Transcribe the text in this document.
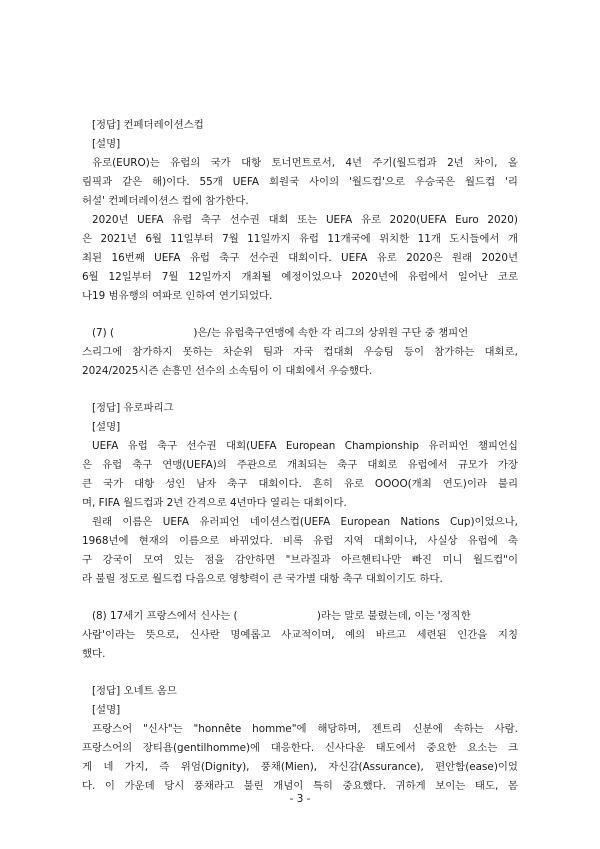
[정답] 컨페더레이션스컵
[설명]
유로(EURO)는 유럽의 국가 대항 토너먼트로서, 4년 주기(월드컵과 2년 차이, 올
림픽과 같은 해)이다. 55개 UEFA 회원국 사이의 '월드컵'으로 우승국은 월드컵 '리
허설' 컨페더레이션스 컵에 참가한다.
2020년 UEFA 유럽 축구 선수권 대회 또는 UEFA 유로 2020(UEFA Euro 2020)
은 2021년 6월 11일부터 7월 11일까지 유럽 11개국에 위치한 11개 도시들에서 개
최된 16번째 UEFA 유럽 축구 선수권 대회이다. UEFA 유로 2020은 원래 2020년
6월 12일부터 7월 12일까지 개최될 예정이었으나 2020년에 유럽에서 일어난 코로
나19 범유행의 여파로 인하여 연기되었다.
(7) (                        )은/는 유럽축구연맹에 속한 각 리그의 상위원 구단 중 챔피언
스리그에 참가하지 못하는 차순위 팀과 자국 컵대회 우승팀 등이 참가하는 대회로,
2024/2025시즌 손흥민 선수의 소속팀이 이 대회에서 우승했다.
[정답] 유로파리그
[설명]
UEFA 유럽 축구 선수권 대회(UEFA European Championship 유러피언 챔피언십
은 유럽 축구 연맹(UEFA)의 주관으로 개최되는 축구 대회로 유럽에서 규모가 가장
큰 국가 대항 성인 남자 축구 대회이다. 흔히 유로 OOOO(개최 연도)이라 불리
며, FIFA 월드컵과 2년 간격으로 4년마다 열리는 대회이다.
원래 이름은 UEFA 유러피언 네이션스컵(UEFA European Nations Cup)이었으나,
1968년에 현재의 이름으로 바뀌었다. 비록 유럽 지역 대회이나, 사실상 유럽에 축
구 강국이 모여 있는 점을 감안하면 "브라질과 아르헨티나만 빠진 미니 월드컵"이
라 불릴 정도로 월드컵 다음으로 영향력이 큰 국가별 대항 축구 대회이기도 하다.
(8) 17세기 프랑스에서 신사는 (                        )라는 말로 불렸는데, 이는 '정직한
사람'이라는 뜻으로, 신사란 명예롭고 사교적이며, 예의 바르고 세련된 인간을 지칭
했다.
[정답] 오네트 옴므
[설명]
프랑스어 "신사"는 "honnête homme"에 해당하며, 젠트리 신분에 속하는 사람.
프랑스어의 장티욤(gentilhomme)에 대응한다. 신사다운 태도에서 중요한 요소는 크
게 네 가지, 즉 위엄(Dignity), 풍채(Mien), 자신감(Assurance), 편안함(ease)이었
다. 이 가운데 당시 풍채라고 불린 개념이 특히 중요했다. 귀하게 보이는 태도, 몸
- 3 -
